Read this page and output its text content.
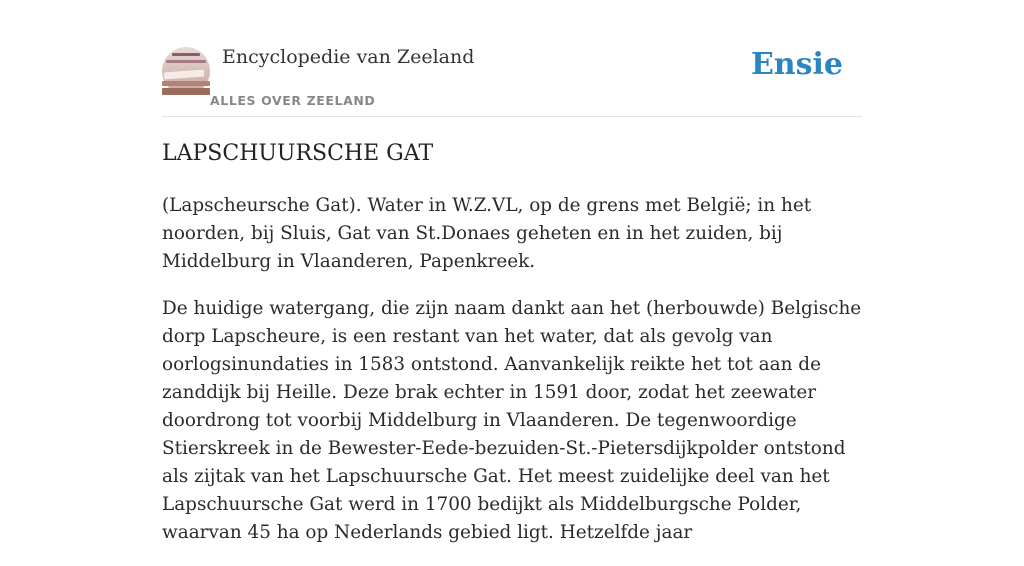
Encyclopedie van Zeeland
ALLES OVER ZEELAND
Ensie
LAPSCHUURSCHE GAT

(Lapscheursche Gat). Water in W.Z.VL, op de grens met België; in het noorden, bij Sluis, Gat van St.Donaes geheten en in het zuiden, bij Middelburg in Vlaanderen, Papenkreek.

De huidige watergang, die zijn naam dankt aan het (herbouwde) Belgische dorp Lapscheure, is een restant van het water, dat als gevolg van oorlogsinundaties in 1583 ontstond. Aanvankelijk reikte het tot aan de zanddijk bij Heille. Deze brak echter in 1591 door, zodat het zeewater doordrong tot voorbij Middelburg in Vlaanderen. De tegenwoordige Stierskreek in de Bewester-Eede-bezuiden-St.-Pietersdijkpolder ontstond als zijtak van het Lapschuursche Gat. Het meest zuidelijke deel van het Lapschuursche Gat werd in 1700 bedijkt als Middelburgsche Polder, waarvan 45 ha op Nederlands gebied ligt. Hetzelfde jaar
